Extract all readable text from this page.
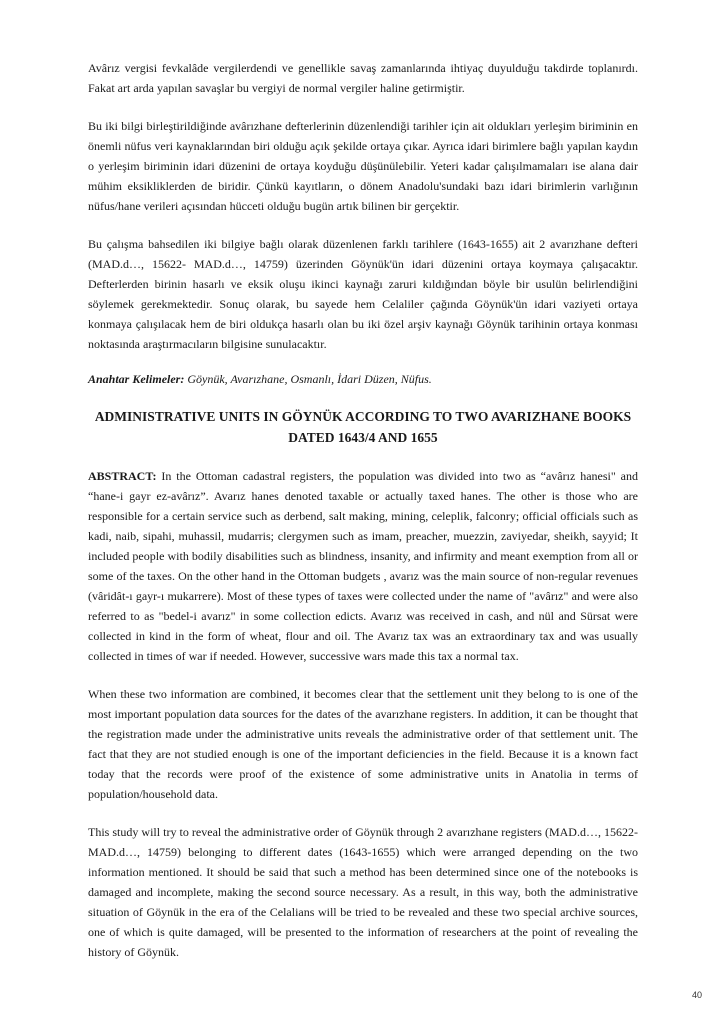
Avârız vergisi fevkalâde vergilerdendi ve genellikle savaş zamanlarında ihtiyaç duyulduğu takdirde toplanırdı. Fakat art arda yapılan savaşlar bu vergiyi de normal vergiler haline getirmiştir.

Bu iki bilgi birleştirildiğinde avârızhane defterlerinin düzenlendiği tarihler için ait oldukları yerleşim biriminin en önemli nüfus veri kaynaklarından biri olduğu açık şekilde ortaya çıkar. Ayrıca idari birimlere bağlı yapılan kaydın o yerleşim biriminin idari düzenini de ortaya koyduğu düşünülebilir. Yeteri kadar çalışılmamaları ise alana dair mühim eksikliklerden de biridir. Çünkü kayıtların, o dönem Anadolu'sundaki bazı idari birimlerin varlığının nüfus/hane verileri açısından hücceti olduğu bugün artık bilinen bir gerçektir.

Bu çalışma bahsedilen iki bilgiye bağlı olarak düzenlenen farklı tarihlere (1643-1655) ait 2 avarızhane defteri (MAD.d…, 15622- MAD.d…, 14759) üzerinden Göynük'ün idari düzenini ortaya koymaya çalışacaktır. Defterlerden birinin hasarlı ve eksik oluşu ikinci kaynağı zaruri kıldığından böyle bir usulün belirlendiğini söylemek gerekmektedir. Sonuç olarak, bu sayede hem Celaliler çağında Göynük'ün idari vaziyeti ortaya konmaya çalışılacak hem de biri oldukça hasarlı olan bu iki özel arşiv kaynağı Göynük tarihinin ortaya konması noktasında araştırmacıların bilgisine sunulacaktır.

Anahtar Kelimeler: Göynük, Avarızhane, Osmanlı, İdari Düzen, Nüfus.
ADMINISTRATIVE UNITS IN GÖYNÜK ACCORDING TO TWO AVARIZHANE BOOKS DATED 1643/4 AND 1655

ABSTRACT: In the Ottoman cadastral registers, the population was divided into two as “avârız hanesi" and “hane-i gayr ez-avârız”. Avarız hanes denoted taxable or actually taxed hanes. The other is those who are responsible for a certain service such as derbend, salt making, mining, celeplik, falconry; official officials such as kadi, naib, sipahi, muhassil, mudarris; clergymen such as imam, preacher, muezzin, zaviyedar, sheikh, sayyid; It included people with bodily disabilities such as blindness, insanity, and infirmity and meant exemption from all or some of the taxes. On the other hand in the Ottoman budgets , avarız was the main source of non-regular revenues (vâridât-ı gayr-ı mukarrere). Most of these types of taxes were collected under the name of "avârız" and were also referred to as "bedel-i avarız" in some collection edicts. Avarız was received in cash, and nül and Sürsat were collected in kind in the form of wheat, flour and oil. The Avarız tax was an extraordinary tax and was usually collected in times of war if needed. However, successive wars made this tax a normal tax.

When these two information are combined, it becomes clear that the settlement unit they belong to is one of the most important population data sources for the dates of the avarızhane registers. In addition, it can be thought that the registration made under the administrative units reveals the administrative order of that settlement unit. The fact that they are not studied enough is one of the important deficiencies in the field. Because it is a known fact today that the records were proof of the existence of some administrative units in Anatolia in terms of population/household data.

This study will try to reveal the administrative order of Göynük through 2 avarızhane registers (MAD.d…, 15622-MAD.d…, 14759) belonging to different dates (1643-1655) which were arranged depending on the two information mentioned. It should be said that such a method has been determined since one of the notebooks is damaged and incomplete, making the second source necessary. As a result, in this way, both the administrative situation of Göynük in the era of the Celalians will be tried to be revealed and these two special archive sources, one of which is quite damaged, will be presented to the information of researchers at the point of revealing the history of Göynük.

40
